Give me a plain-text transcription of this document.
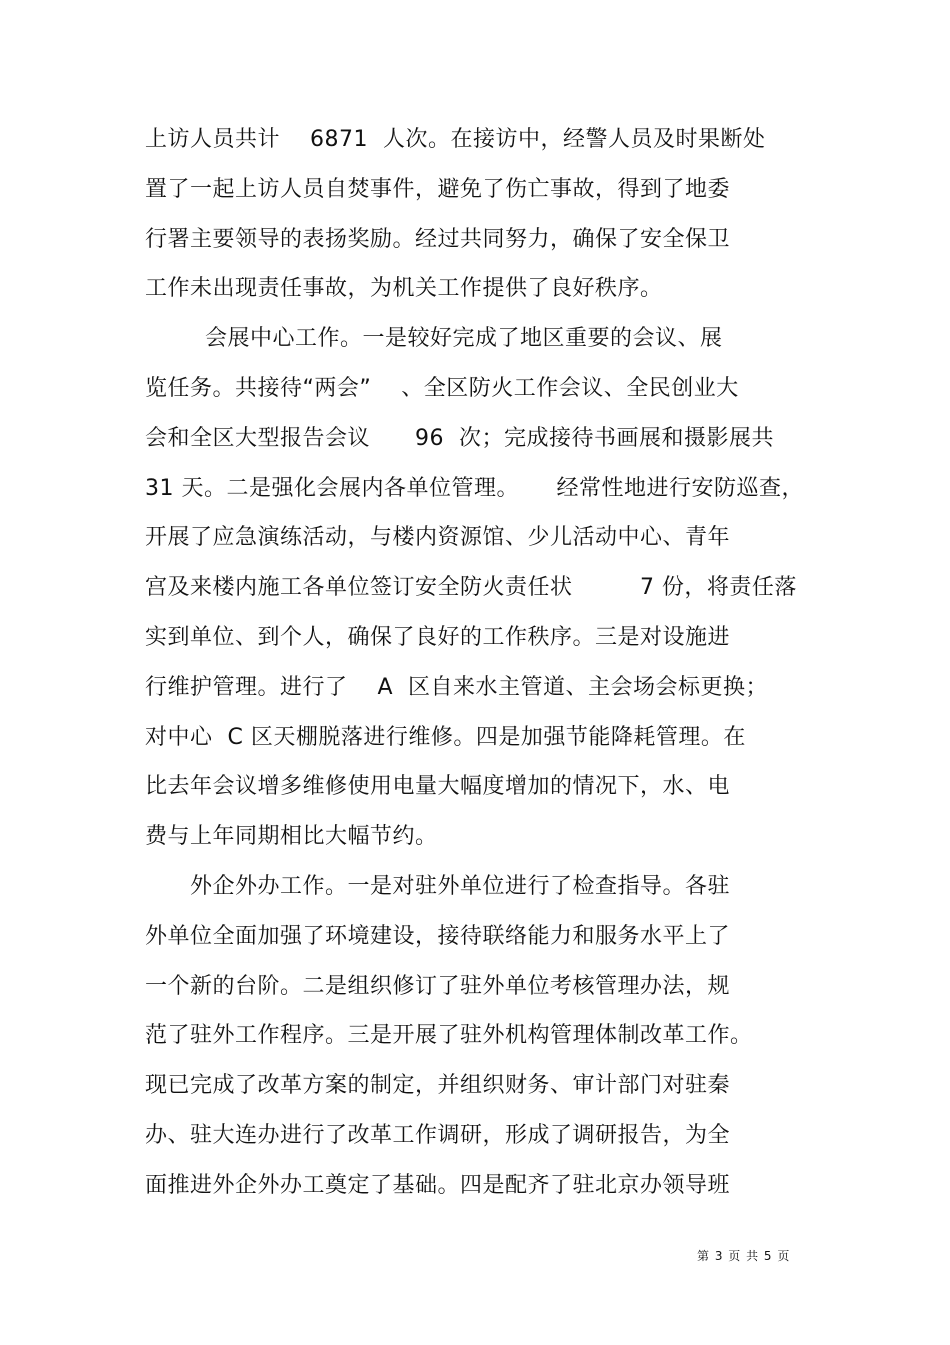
上访人员共计    6871  人次。在接访中，经警人员及时果断处
置了一起上访人员自焚事件，避免了伤亡事故，得到了地委
行署主要领导的表扬奖励。经过共同努力，确保了安全保卫
工作未出现责任事故，为机关工作提供了良好秩序。
会展中心工作。一是较好完成了地区重要的会议、展
览任务。共接待“两会”    、全区防火工作会议、全民创业大
会和全区大型报告会议      96  次；完成接待书画展和摄影展共
31 天。二是强化会展内各单位管理。     经常性地进行安防巡查，
开展了应急演练活动，与楼内资源馆、少儿活动中心、青年
宫及来楼内施工各单位签订安全防火责任状         7 份，将责任落
实到单位、到个人，确保了良好的工作秩序。三是对设施进
行维护管理。进行了    A  区自来水主管道、主会场会标更换；
对中心  C 区天棚脱落进行维修。四是加强节能降耗管理。在
比去年会议增多维修使用电量大幅度增加的情况下，水、电
费与上年同期相比大幅节约。
外企外办工作。一是对驻外单位进行了检查指导。各驻
外单位全面加强了环境建设，接待联络能力和服务水平上了
一个新的台阶。二是组织修订了驻外单位考核管理办法，规
范了驻外工作程序。三是开展了驻外机构管理体制改革工作。
现已完成了改革方案的制定，并组织财务、审计部门对驻秦
办、驻大连办进行了改革工作调研，形成了调研报告，为全
面推进外企外办工奠定了基础。四是配齐了驻北京办领导班
第 3 页 共 5 页
